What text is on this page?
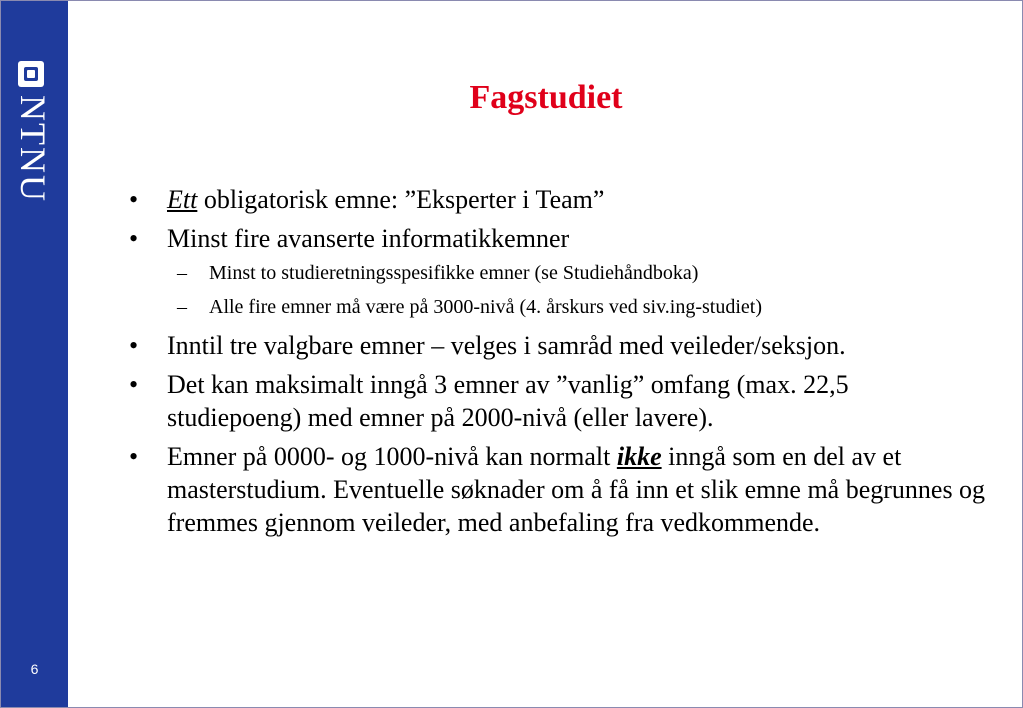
NTNU
6
Fagstudiet
• Ett obligatorisk emne: ”Eksperter i Team”
• Minst fire avanserte informatikkemner
– Minst to studieretningsspesifikke emner (se Studiehåndboka)
– Alle fire emner må være på 3000-nivå (4. årskurs ved siv.ing-studiet)
• Inntil tre valgbare emner – velges i samråd med veileder/seksjon.
• Det kan maksimalt inngå 3 emner av ”vanlig” omfang (max. 22,5 studiepoeng) med emner på 2000-nivå (eller lavere).
• Emner på 0000- og 1000-nivå kan normalt ikke inngå som en del av et masterstudium. Eventuelle søknader om å få inn et slik emne må begrunnes og fremmes gjennom veileder, med anbefaling fra vedkommende.
